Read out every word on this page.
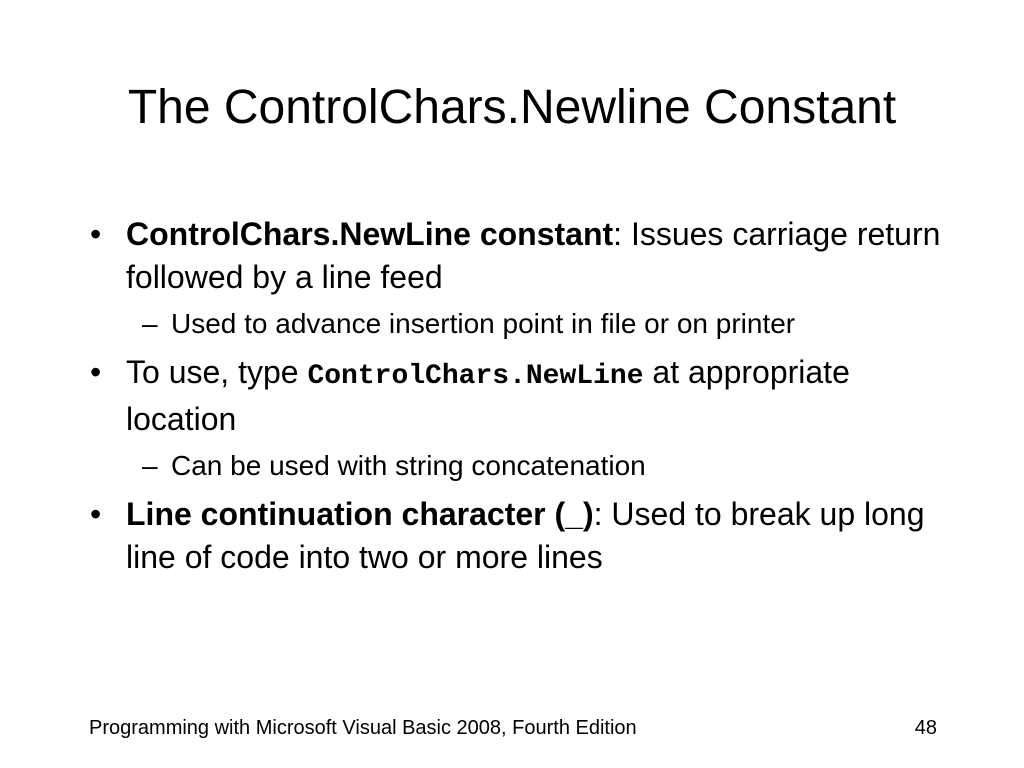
The ControlChars.Newline Constant
• ControlChars.NewLine constant: Issues carriage return followed by a line feed
– Used to advance insertion point in file or on printer
• To use, type ControlChars.NewLine at appropriate location
– Can be used with string concatenation
• Line continuation character (_): Used to break up long line of code into two or more lines
Programming with Microsoft Visual Basic 2008, Fourth Edition	48
